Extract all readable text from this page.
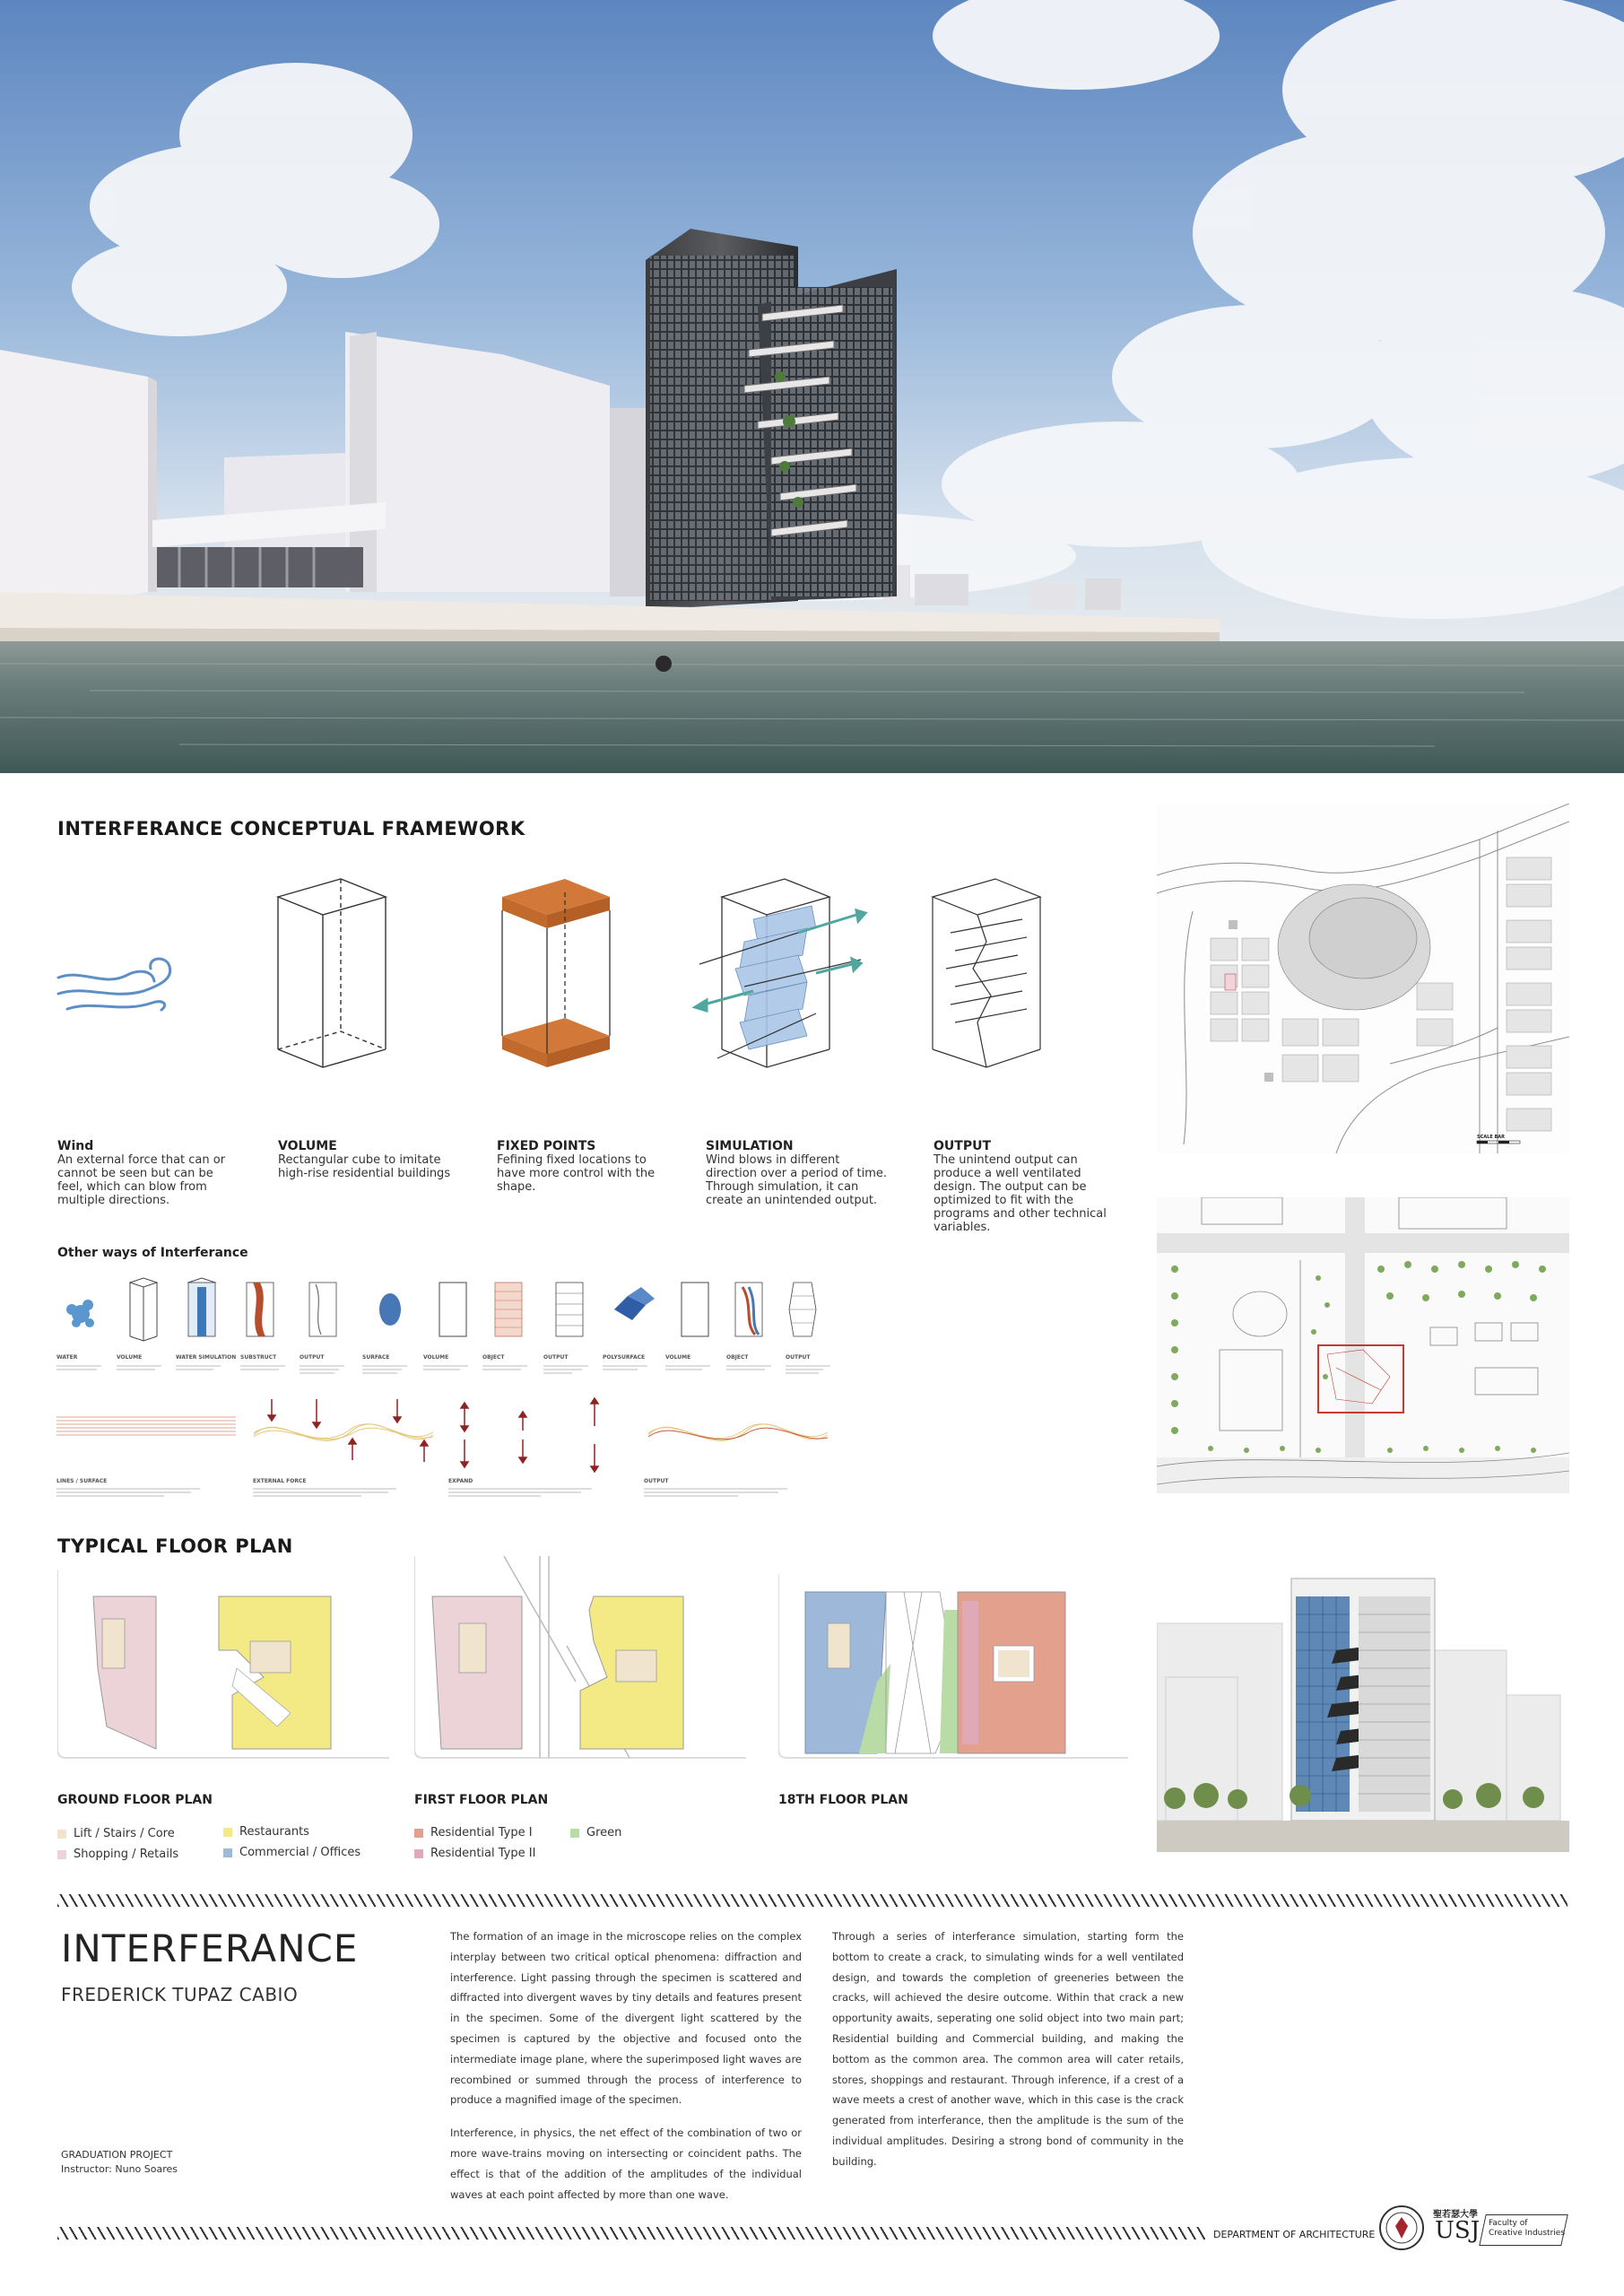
INTERFERANCE CONCEPTUAL FRAMEWORK
Wind
An external force that can or cannot be seen but can be feel, which can blow from multiple directions.
VOLUME
Rectangular cube to imitate high-rise residential buildings
FIXED POINTS
Fefining fixed locations to have more control with the shape.
SIMULATION
Wind blows in different direction over a period of time. Through simulation, it can create an unintended output.
OUTPUT
The unintend output can produce a well ventilated design. The output can be optimized to fit with the programs and other technical variables.
Other ways of Interferance
WATER	VOLUME	WATER SIMULATION SUBSTRUCT	OUTPUT	SURFACE	VOLUME	OBJECT	OUTPUT	POLYSURFACE	VOLUME	OBJECT	OUTPUT
LINES / SURFACE	EXTERNAL FORCE	EXPAND	OUTPUT
SCALE BAR
TYPICAL FLOOR PLAN
GROUND FLOOR PLAN	FIRST FLOOR PLAN	18TH FLOOR PLAN
Lift / Stairs / Core	Restaurants
Shopping / Retails	Commercial / Offices
Residential Type I	Green
Residential Type II
INTERFERANCE
FREDERICK TUPAZ CABIO
GRADUATION PROJECT
Instructor: Nuno Soares
The formation of an image in the microscope relies on the complex interplay between two critical optical phenomena: diffraction and interference. Light passing through the specimen is scattered and diffracted into divergent waves by tiny details and features present in the specimen. Some of the divergent light scattered by the specimen is captured by the objective and focused onto the intermediate image plane, where the superimposed light waves are recombined or summed through the process of interference to produce a magnified image of the specimen.
Interference, in physics, the net effect of the combination of two or more wave-trains moving on intersecting or coincident paths. The effect is that of the addition of the amplitudes of the individual waves at each point affected by more than one wave.
Through a series of interferance simulation, starting form the bottom to create a crack, to simulating winds for a well ventilated design, and towards the completion of greeneries between the cracks, will achieved the desire outcome. Within that crack a new opportunity awaits, seperating one solid object into two main part; Residential building and Commercial building, and making the bottom as the common area. The common area will cater retails, stores, shoppings and restaurant. Through inference, if a crest of a wave meets a crest of another wave, which in this case is the crack generated from interferance, then the amplitude is the sum of the individual amplitudes. Desiring a strong bond of community in the building.
DEPARTMENT OF ARCHITECTURE
聖若瑟大學
USJ Faculty of
Creative Industries
